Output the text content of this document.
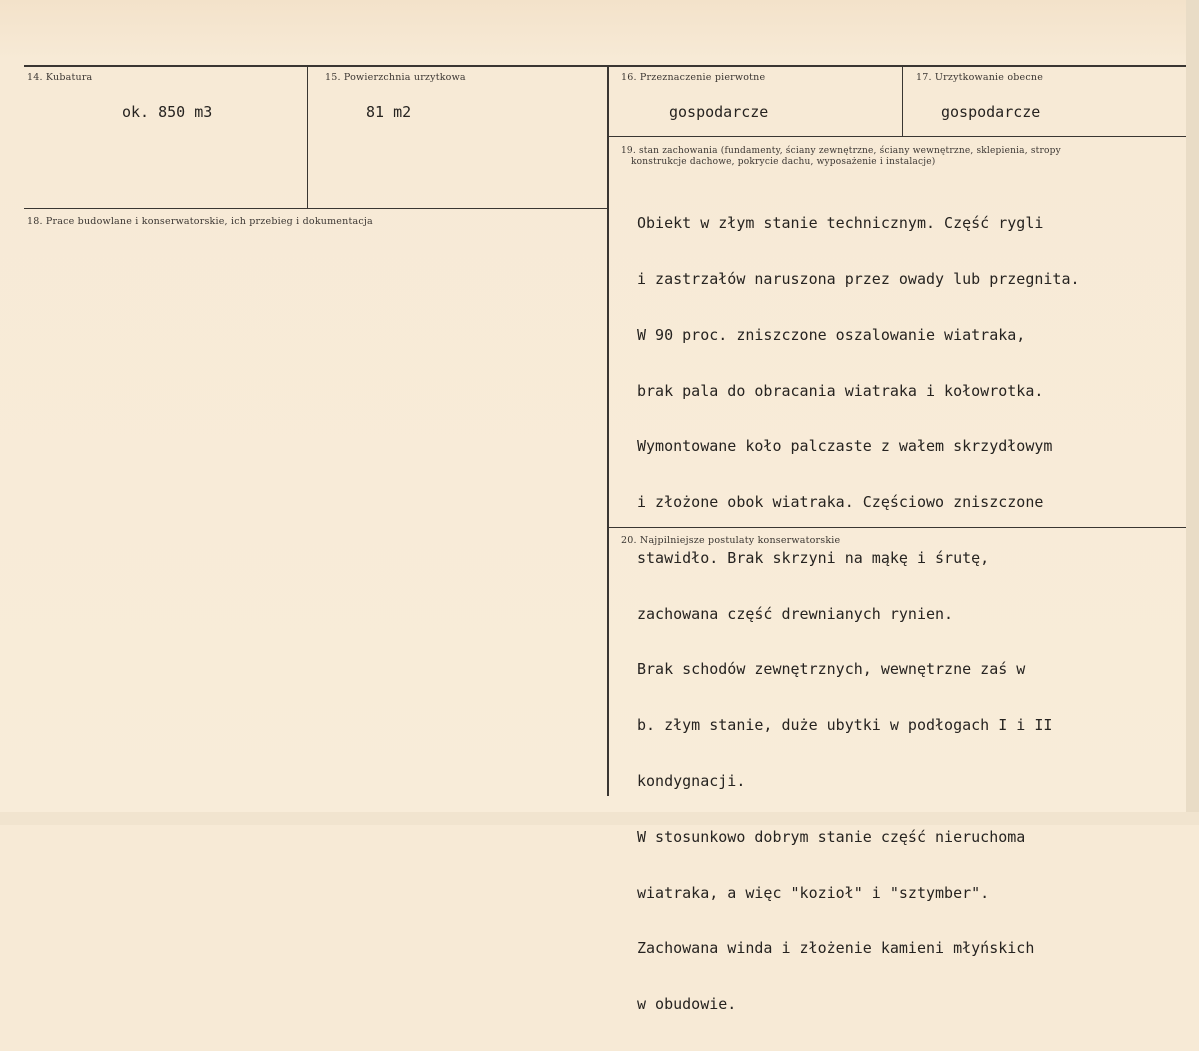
14. Kubatura
ok. 850 m3
15. Powierzchnia urzytkowa
81 m2
16. Przeznaczenie pierwotne
gospodarcze
17. Urzytkowanie obecne
gospodarcze
18. Prace budowlane i konserwatorskie, ich przebieg i dokumentacja
19. stan zachowania (fundamenty, ściany zewnętrzne, ściany wewnętrzne, sklepienia, stropy
konstrukcje dachowe, pokrycie dachu, wyposażenie i instalacje)

Obiekt w złym stanie technicznym. Część rygli

i zastrzałów naruszona przez owady lub przegnita.

W 90 proc. zniszczone oszalowanie wiatraka,

brak pala do obracania wiatraka i kołowrotka.

Wymontowane koło palczaste z wałem skrzydłowym

i złożone obok wiatraka. Częściowo zniszczone

stawidło. Brak skrzyni na mąkę i śrutę,

zachowana część drewnianych rynien.

Brak schodów zewnętrznych, wewnętrzne zaś w

b. złym stanie, duże ubytki w podłogach I i II

kondygnacji.

W stosunkowo dobrym stanie część nieruchoma

wiatraka, a więc "kozioł" i "sztymber".

Zachowana winda i złożenie kamieni młyńskich

w obudowie.

20. Najpilniejsze postulaty konserwatorskie
